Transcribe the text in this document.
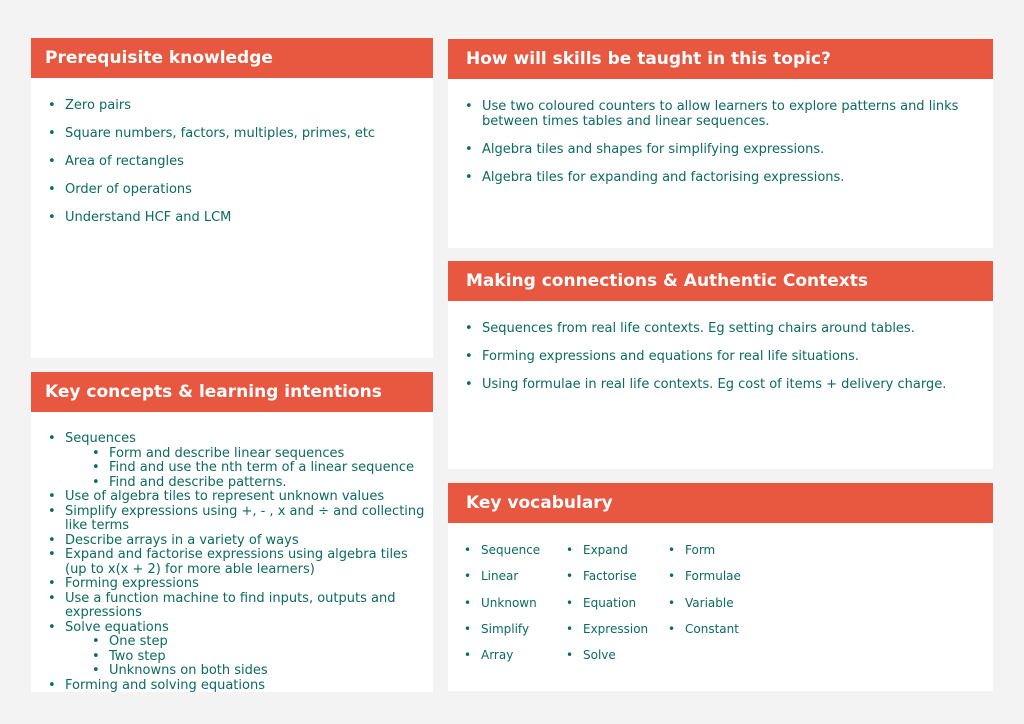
Prerequisite knowledge
• Zero pairs
• Square numbers, factors, multiples, primes, etc
• Area of rectangles
• Order of operations
• Understand HCF and LCM
How will skills be taught in this topic?
• Use two coloured counters to allow learners to explore patterns and links between times tables and linear sequences.
• Algebra tiles and shapes for simplifying expressions.
• Algebra tiles for expanding and factorising expressions.
Making connections & Authentic Contexts
• Sequences from real life contexts. Eg setting chairs around tables.
• Forming expressions and equations for real life situations.
• Using formulae in real life contexts. Eg cost of items + delivery charge.
Key concepts & learning intentions
• Sequences
• Form and describe linear sequences
• Find and use the nth term of a linear sequence
• Find and describe patterns.
• Use of algebra tiles to represent unknown values
• Simplify expressions using +, - , x and ÷ and collecting like terms
• Describe arrays in a variety of ways
• Expand and factorise expressions using algebra tiles (up to x(x + 2) for more able learners)
• Forming expressions
• Use a function machine to find inputs, outputs and expressions
• Solve equations
• One step
• Two step
• Unknowns on both sides
• Forming and solving equations
Key vocabulary
• Sequence
• Linear
• Unknown
• Simplify
• Array
• Expand
• Factorise
• Equation
• Expression
• Solve
• Form
• Formulae
• Variable
• Constant
